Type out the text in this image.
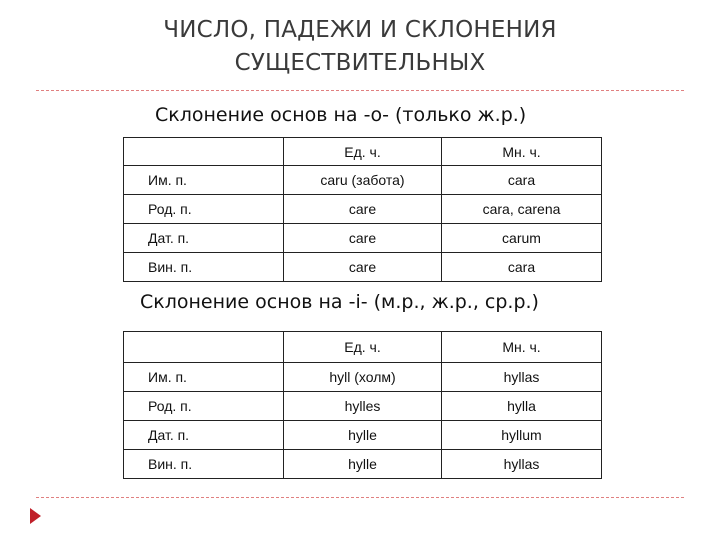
ЧИСЛО, ПАДЕЖИ И СКЛОНЕНИЯ
СУЩЕСТВИТЕЛЬНЫХ
Склонение основ на -о- (только ж.р.)
	Ед. ч.	Мн. ч.
Им. п.	caru (забота)	cara
Род. п.	care	cara, carena
Дат. п.	care	carum
Вин. п.	care	cara
Склонение основ на -i- (м.р., ж.р., ср.р.)
	Ед. ч.	Мн. ч.
Им. п.	hyll (холм)	hyllas
Род. п.	hylles	hylla
Дат. п.	hylle	hyllum
Вин. п.	hylle	hyllas
